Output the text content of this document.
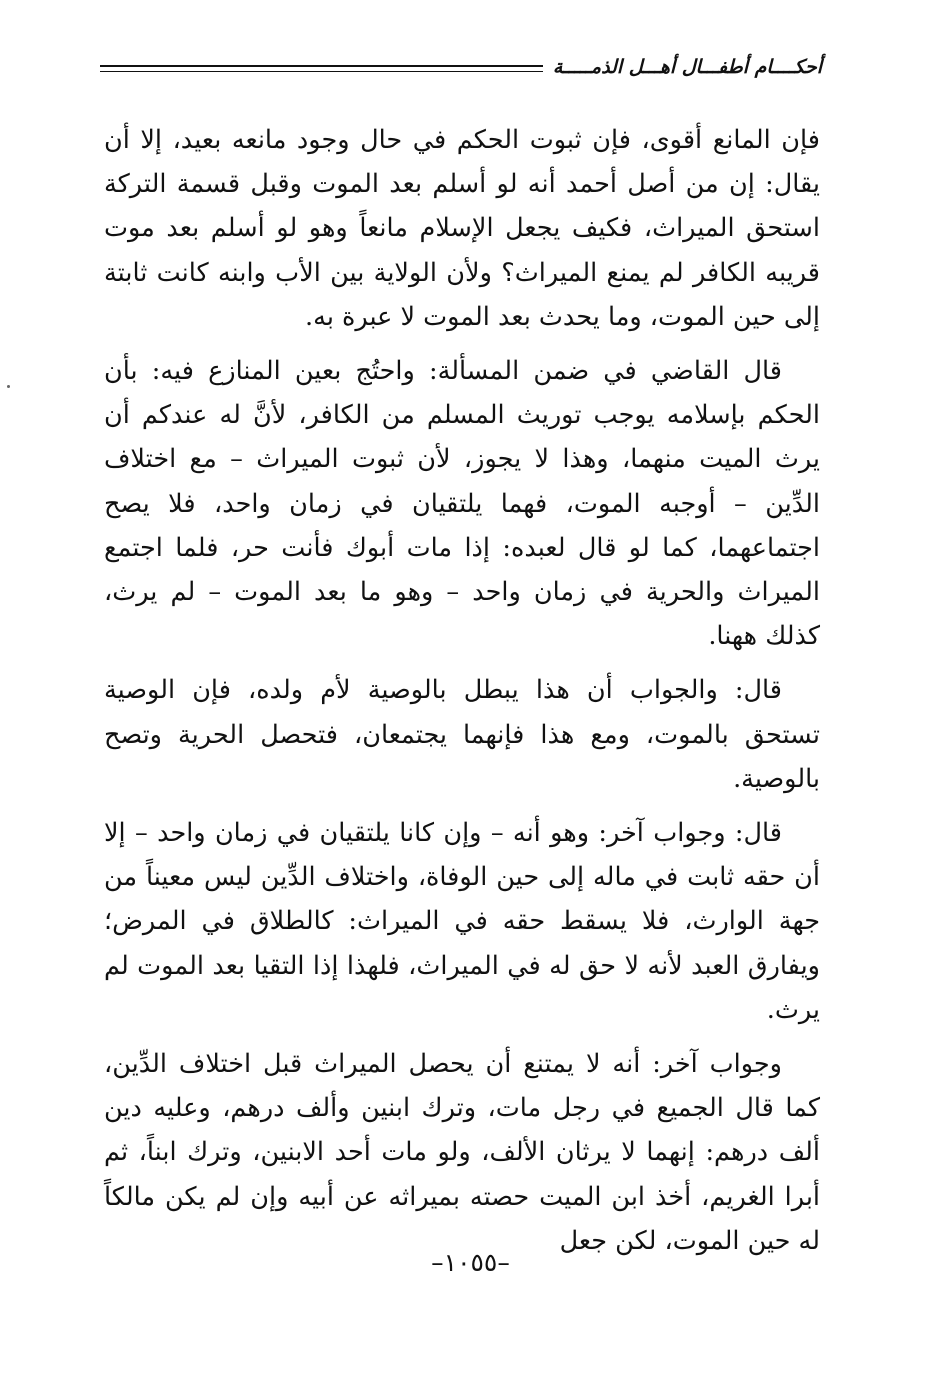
أحكــــام أطفـــال أهـــل الذمـــــة

فإن المانع أقوى، فإن ثبوت الحكم في حال وجود مانعه بعيد، إلا أن يقال: إن من أصل أحمد أنه لو أسلم بعد الموت وقبل قسمة التركة استحق الميراث، فكيف يجعل الإسلام مانعاً وهو لو أسلم بعد موت قريبه الكافر لم يمنع الميراث؟ ولأن الولاية بين الأب وابنه كانت ثابتة إلى حين الموت، وما يحدث بعد الموت لا عبرة به.

قال القاضي في ضمن المسألة: واحتُج بعين المنازع فيه: بأن الحكم بإسلامه يوجب توريث المسلم من الكافر، لأنَّ له عندكم أن يرث الميت منهما، وهذا لا يجوز، لأن ثبوت الميراث – مع اختلاف الدِّين – أوجبه الموت، فهما يلتقيان في زمان واحد، فلا يصح اجتماعهما، كما لو قال لعبده: إذا مات أبوك فأنت حر، فلما اجتمع الميراث والحرية في زمان واحد – وهو ما بعد الموت – لم يرث، كذلك ههنا.

قال: والجواب أن هذا يبطل بالوصية لأم ولده، فإن الوصية تستحق بالموت، ومع هذا فإنهما يجتمعان، فتحصل الحرية وتصح بالوصية.

قال: وجواب آخر: وهو أنه – وإن كانا يلتقيان في زمان واحد – إلا أن حقه ثابت في ماله إلى حين الوفاة، واختلاف الدِّين ليس معيناً من جهة الوارث، فلا يسقط حقه في الميراث: كالطلاق في المرض؛ ويفارق العبد لأنه لا حق له في الميراث، فلهذا إذا التقيا بعد الموت لم يرث.

وجواب آخر: أنه لا يمتنع أن يحصل الميراث قبل اختلاف الدِّين، كما قال الجميع في رجل مات، وترك ابنين وألف درهم، وعليه دين ألف درهم: إنهما لا يرثان الألف، ولو مات أحد الابنين، وترك ابناً، ثم أبرا الغريم، أخذ ابن الميت حصته بميراثه عن أبيه وإن لم يكن مالكاً له حين الموت، لكن جعل

–١٠٥٥–
